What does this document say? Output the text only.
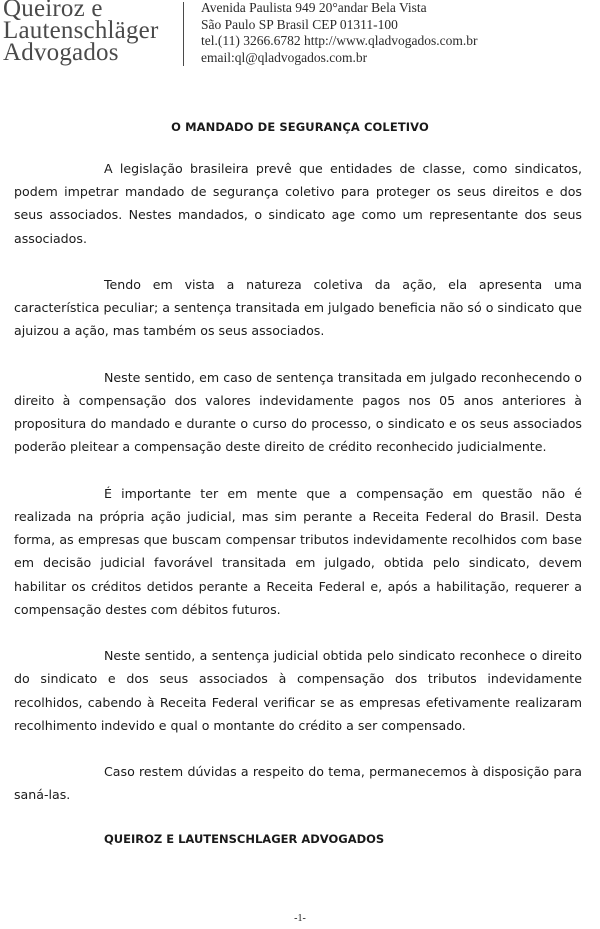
Queiroz e
Lautenschläger
Advogados
Avenida Paulista 949 20°andar Bela Vista
São Paulo SP Brasil CEP 01311-100
tel.(11) 3266.6782 http://www.qladvogados.com.br
email:ql@qladvogados.com.br
O MANDADO DE SEGURANÇA COLETIVO

A legislação brasileira prevê que entidades de classe, como sindicatos, podem impetrar mandado de segurança coletivo para proteger os seus direitos e dos seus associados. Nestes mandados, o sindicato age como um representante dos seus associados.

Tendo em vista a natureza coletiva da ação, ela apresenta uma característica peculiar; a sentença transitada em julgado beneficia não só o sindicato que ajuizou a ação, mas também os seus associados.

Neste sentido, em caso de sentença transitada em julgado reconhecendo o direito à compensação dos valores indevidamente pagos nos 05 anos anteriores à propositura do mandado e durante o curso do processo, o sindicato e os seus associados poderão pleitear a compensação deste direito de crédito reconhecido judicialmente.

É importante ter em mente que a compensação em questão não é realizada na própria ação judicial, mas sim perante a Receita Federal do Brasil. Desta forma, as empresas que buscam compensar tributos indevidamente recolhidos com base em decisão judicial favorável transitada em julgado, obtida pelo sindicato, devem habilitar os créditos detidos perante a Receita Federal e, após a habilitação, requerer a compensação destes com débitos futuros.

Neste sentido, a sentença judicial obtida pelo sindicato reconhece o direito do sindicato e dos seus associados à compensação dos tributos indevidamente recolhidos, cabendo à Receita Federal verificar se as empresas efetivamente realizaram recolhimento indevido e qual o montante do crédito a ser compensado.

Caso restem dúvidas a respeito do tema, permanecemos à disposição para saná-las.

QUEIROZ E LAUTENSCHLAGER ADVOGADOS
-1-
